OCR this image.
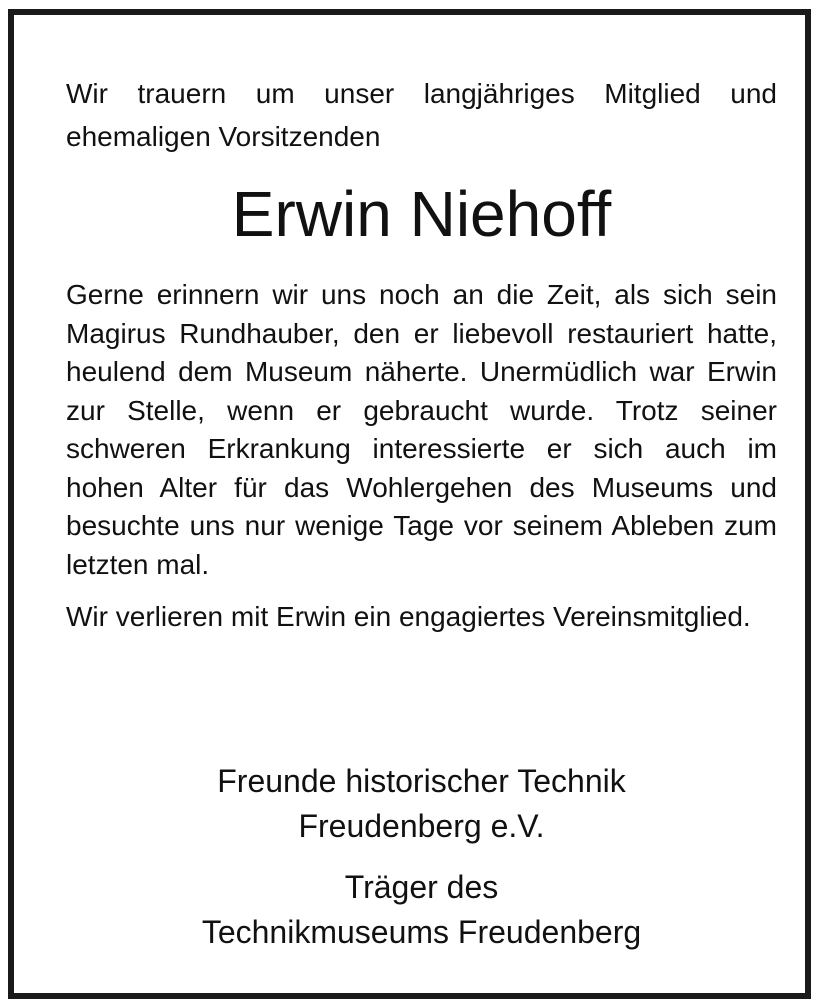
Wir trauern um unser langjähriges Mitglied und ehemaligen Vorsitzenden

Erwin Niehoff

Gerne erinnern wir uns noch an die Zeit, als sich sein Magirus Rundhauber, den er liebevoll restauriert hatte, heulend dem Museum näherte. Unermüdlich war Erwin zur Stelle, wenn er gebraucht wurde. Trotz seiner schweren Erkrankung interessierte er sich auch im hohen Alter für das Wohlergehen des Museums und besuchte uns nur wenige Tage vor seinem Ableben zum letzten mal.

Wir verlieren mit Erwin ein engagiertes Vereinsmitglied.

Freunde historischer Technik
Freudenberg e.V.
Träger des
Technikmuseums Freudenberg
